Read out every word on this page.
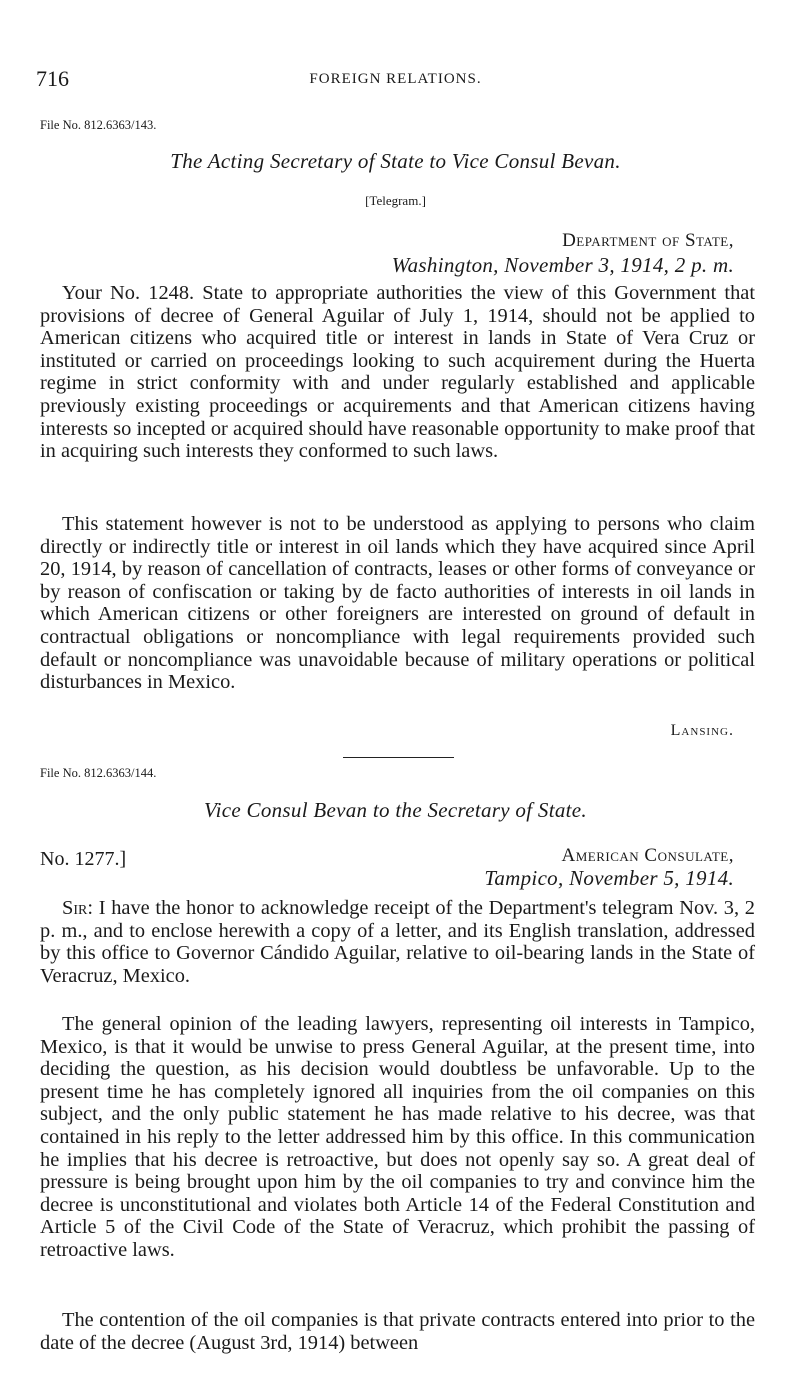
716	FOREIGN RELATIONS.
File No. 812.6363/143.
The Acting Secretary of State to Vice Consul Bevan.
[Telegram.]
Department of State,
Washington, November 3, 1914, 2 p. m.

Your No. 1248. State to appropriate authorities the view of this Government that provisions of decree of General Aguilar of July 1, 1914, should not be applied to American citizens who acquired title or interest in lands in State of Vera Cruz or instituted or carried on proceedings looking to such acquirement during the Huerta regime in strict conformity with and under regularly established and applicable previously existing proceedings or acquirements and that American citizens having interests so incepted or acquired should have reasonable opportunity to make proof that in acquiring such interests they conformed to such laws.

This statement however is not to be understood as applying to persons who claim directly or indirectly title or interest in oil lands which they have acquired since April 20, 1914, by reason of cancellation of contracts, leases or other forms of conveyance or by reason of confiscation or taking by de facto authorities of interests in oil lands in which American citizens or other foreigners are interested on ground of default in contractual obligations or noncompliance with legal requirements provided such default or noncompliance was unavoidable because of military operations or political disturbances in Mexico.

Lansing.
File No. 812.6363/144.
Vice Consul Bevan to the Secretary of State.
No. 1277.]	American Consulate,
Tampico, November 5, 1914.

Sir: I have the honor to acknowledge receipt of the Department's telegram Nov. 3, 2 p. m., and to enclose herewith a copy of a letter, and its English translation, addressed by this office to Governor Cándido Aguilar, relative to oil-bearing lands in the State of Veracruz, Mexico.

The general opinion of the leading lawyers, representing oil interests in Tampico, Mexico, is that it would be unwise to press General Aguilar, at the present time, into deciding the question, as his decision would doubtless be unfavorable. Up to the present time he has completely ignored all inquiries from the oil companies on this subject, and the only public statement he has made relative to his decree, was that contained in his reply to the letter addressed him by this office. In this communication he implies that his decree is retroactive, but does not openly say so. A great deal of pressure is being brought upon him by the oil companies to try and convince him the decree is unconstitutional and violates both Article 14 of the Federal Constitution and Article 5 of the Civil Code of the State of Veracruz, which prohibit the passing of retroactive laws.

The contention of the oil companies is that private contracts entered into prior to the date of the decree (August 3rd, 1914) between
